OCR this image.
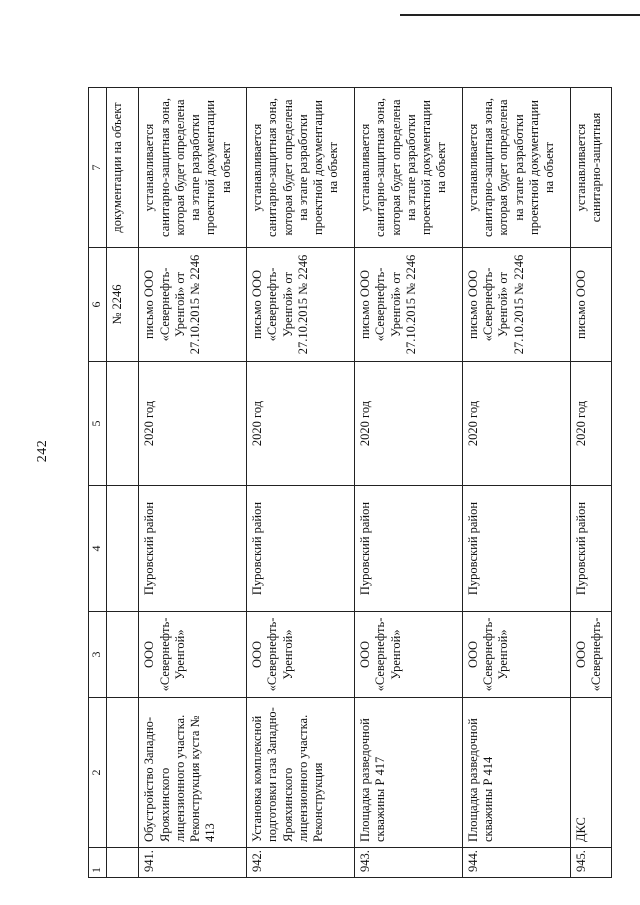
242
1	2	3	4	5	6	7
					№ 2246	документации на объект
941.	Обустройство Западно-Ярояхинского лицензионного участка. Реконструкция куста № 413	ООО «Севернефть-Уренгой»	Пуровский район	2020 год	письмо ООО «Севернефть-Уренгой» от 27.10.2015 № 2246	устанавливается санитарно-защитная зона, которая будет определена на этапе разработки проектной документации на объект
942.	Установка комплексной подготовки газа Западно-Ярояхинского лицензионного участка. Реконструкция	ООО «Севернефть-Уренгой»	Пуровский район	2020 год	письмо ООО «Севернефть-Уренгой» от 27.10.2015 № 2246	устанавливается санитарно-защитная зона, которая будет определена на этапе разработки проектной документации на объект
943.	Площадка разведочной скважины Р 417	ООО «Севернефть-Уренгой»	Пуровский район	2020 год	письмо ООО «Севернефть-Уренгой» от 27.10.2015 № 2246	устанавливается санитарно-защитная зона, которая будет определена на этапе разработки проектной документации на объект
944.	Площадка разведочной скважины Р 414	ООО «Севернефть-Уренгой»	Пуровский район	2020 год	письмо ООО «Севернефть-Уренгой» от 27.10.2015 № 2246	устанавливается санитарно-защитная зона, которая будет определена на этапе разработки проектной документации на объект
945.	ДКС	ООО «Севернефть-	Пуровский район	2020 год	письмо ООО	устанавливается санитарно-защитная
